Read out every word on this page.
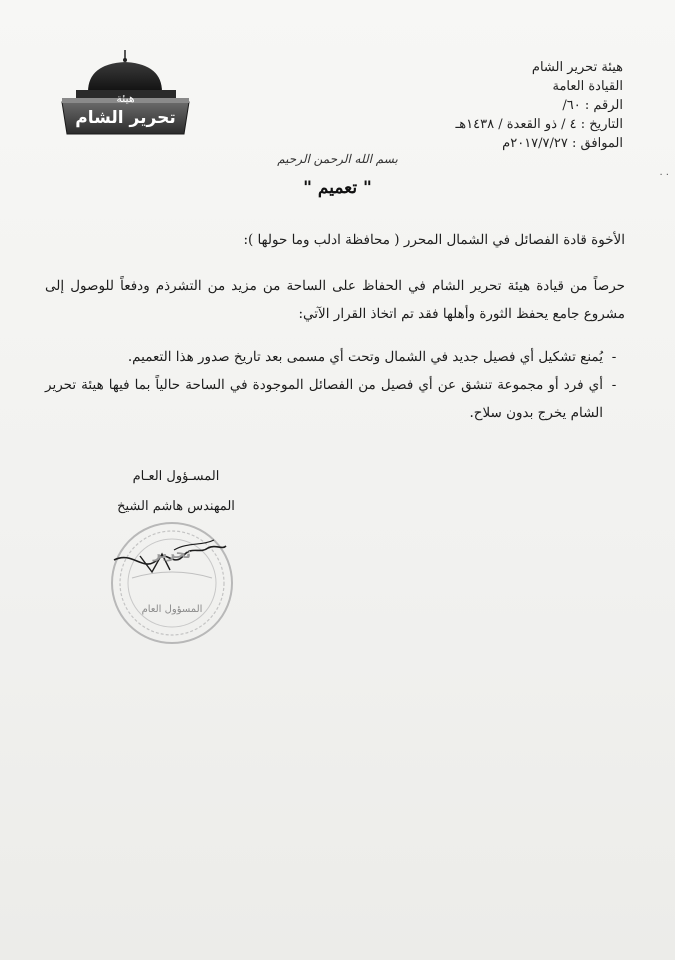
هيئة
تحرير الشام
هيئة تحرير الشام
القيادة العامة
الرقم : ٦٠/
التاريخ : ٤ / ذو القعدة / ١٤٣٨هـ
الموافق : ٢٠١٧/٧/٢٧م
· ·
بسم الله الرحمن الرحيم
" تعميم "
الأخوة قادة الفصائل في الشمال المحرر ( محافظة ادلب وما حولها ):
حرصاً من قيادة هيئة تحرير الشام في الحفاظ على الساحة من مزيد من التشرذم ودفعاً للوصول إلى مشروع جامع يحفظ الثورة وأهلها فقد تم اتخاذ القرار الآتي:
-
يُمنع تشكيل أي فصيل جديد في الشمال وتحت أي مسمى بعد تاريخ صدور هذا التعميم.
-
أي فرد أو مجموعة تنشق عن أي فصيل من الفصائل الموجودة في الساحة حالياً بما فيها هيئة تحرير الشام يخرج بدون سلاح.
المسـؤول العـام
المهندس هاشم الشيخ
تحرير
المسؤول العام
